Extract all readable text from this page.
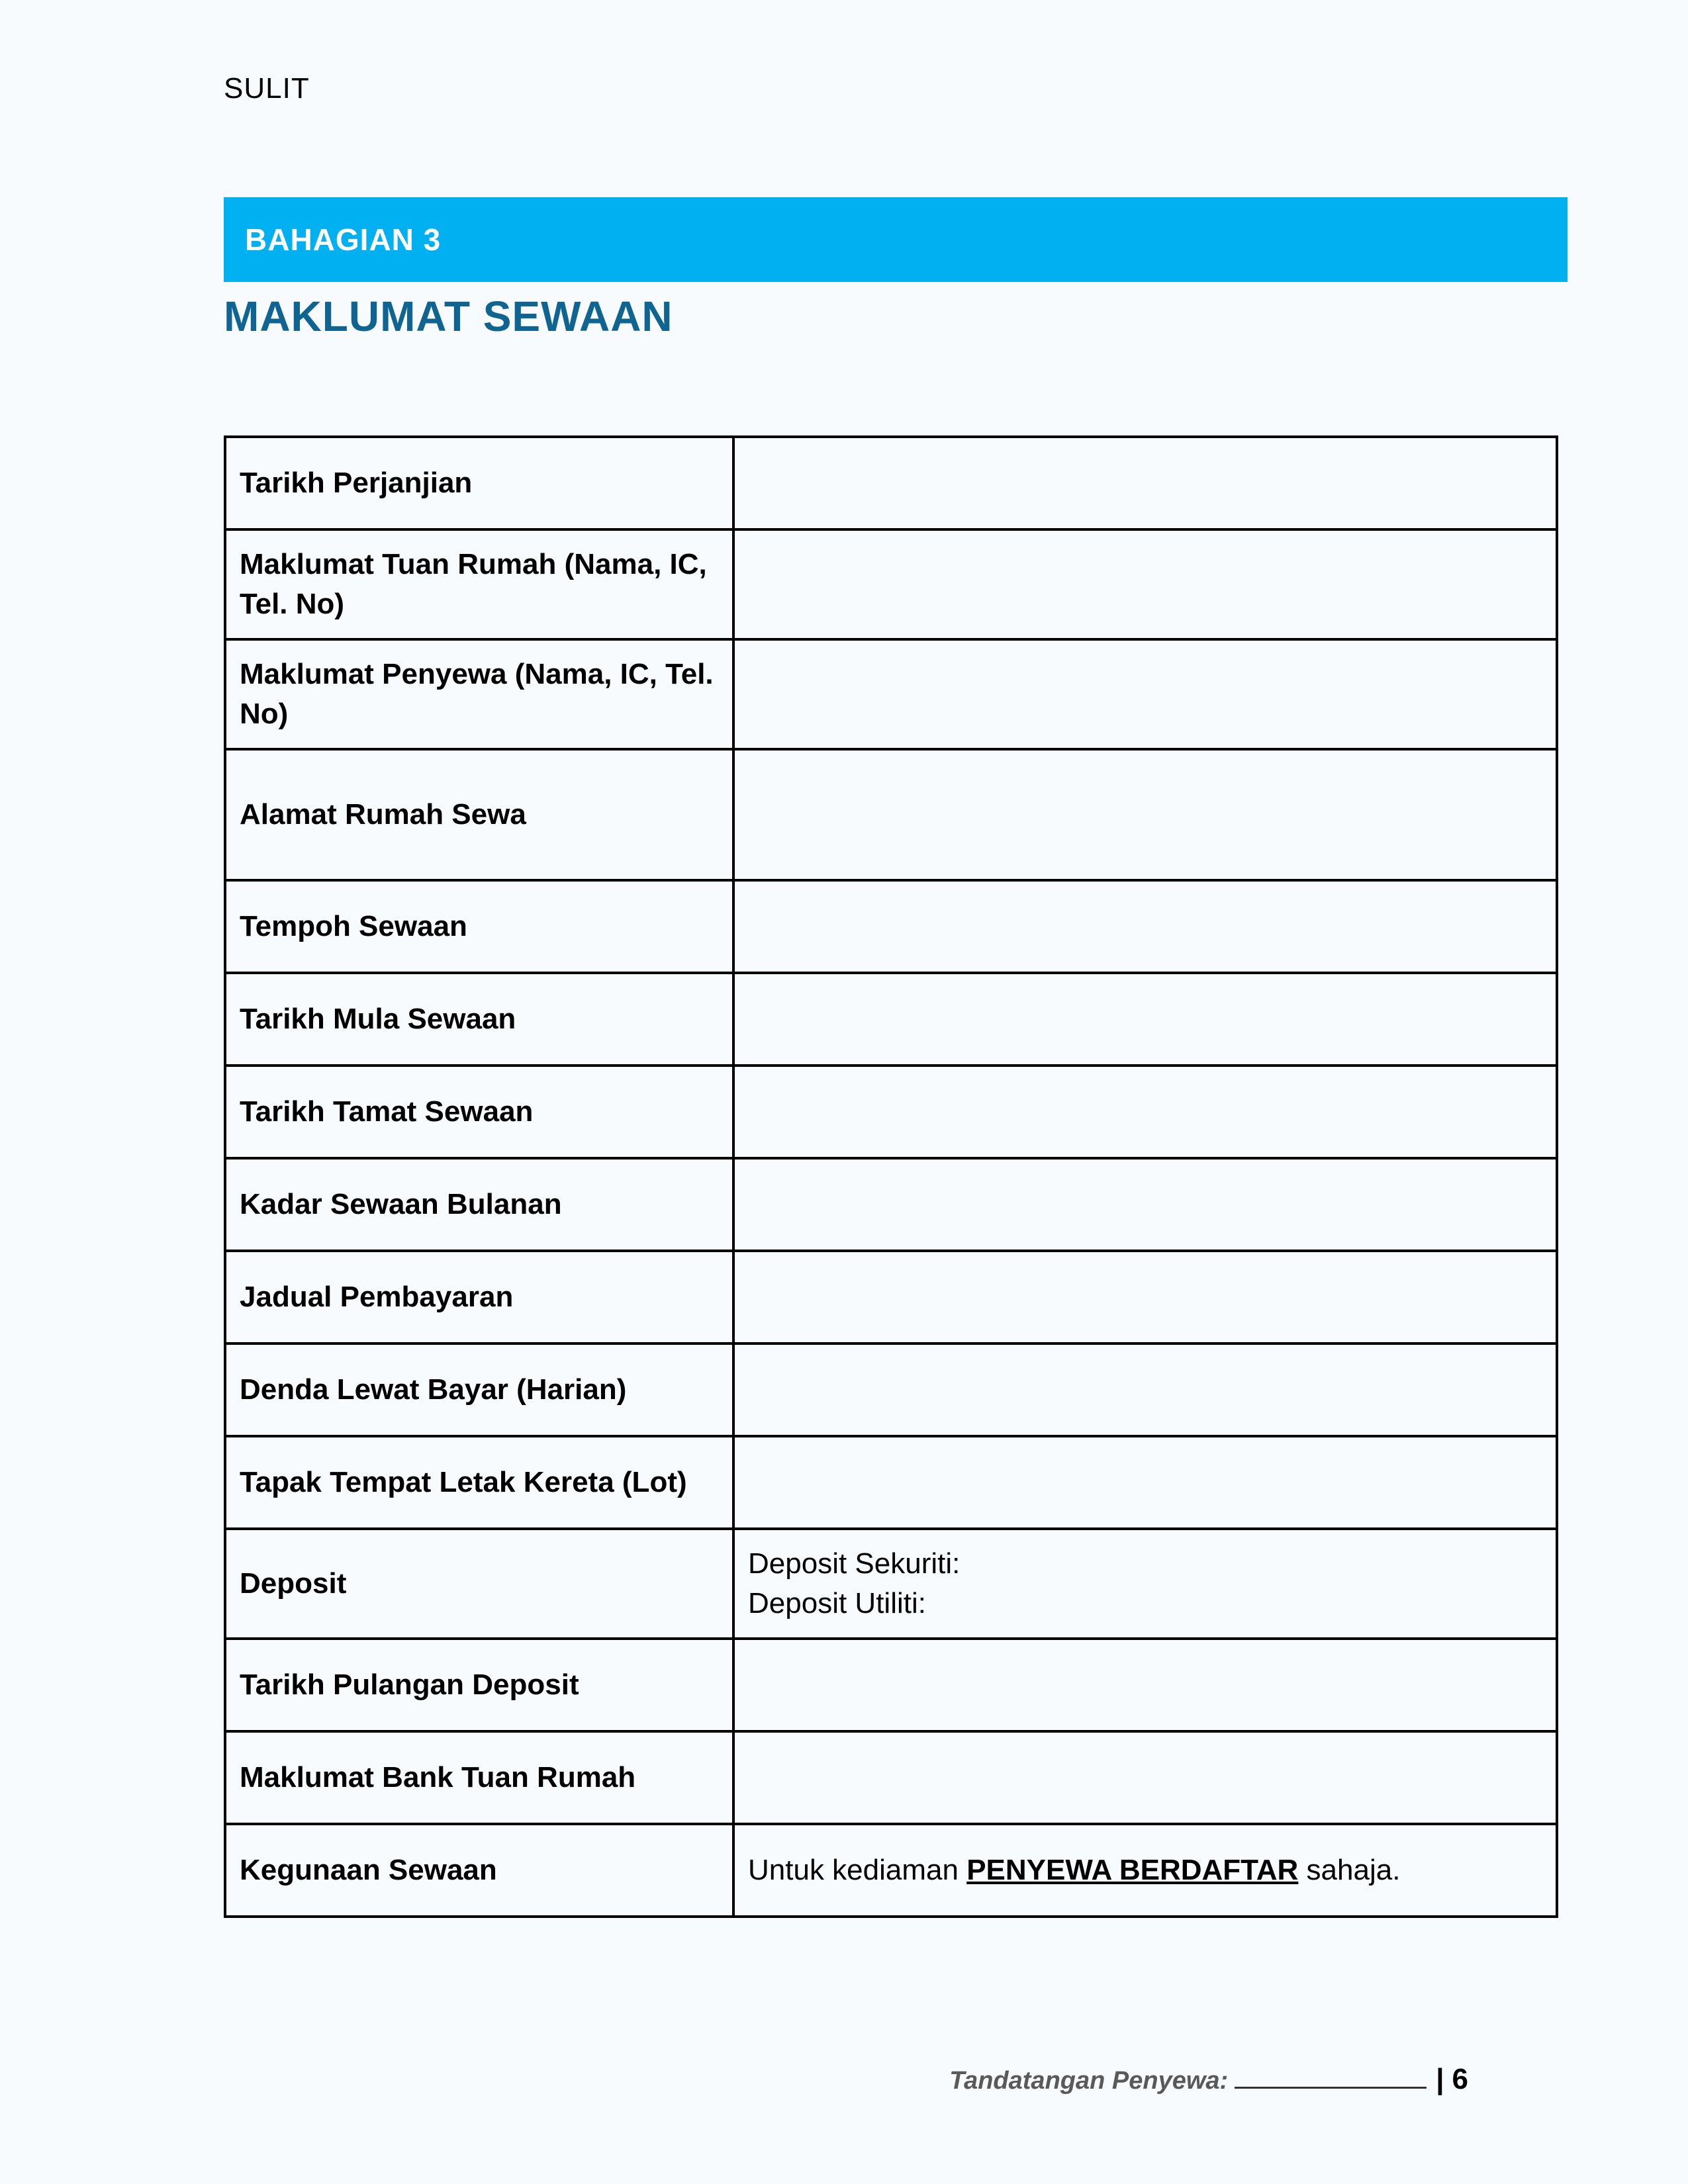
SULIT
BAHAGIAN 3
MAKLUMAT SEWAAN
Tarikh Perjanjian	
Maklumat Tuan Rumah (Nama, IC, Tel. No)	
Maklumat Penyewa (Nama, IC, Tel. No)	
Alamat Rumah Sewa	
Tempoh Sewaan	
Tarikh Mula Sewaan	
Tarikh Tamat Sewaan	
Kadar Sewaan Bulanan	
Jadual Pembayaran	
Denda Lewat Bayar (Harian)	
Tapak Tempat Letak Kereta (Lot)	
Deposit	Deposit Sekuriti:
Deposit Utiliti:

Tarikh Pulangan Deposit	
Maklumat Bank Tuan Rumah	
Kegunaan Sewaan	Untuk kediaman PENYEWA BERDAFTAR sahaja.
Tandatangan Penyewa:	| 6
